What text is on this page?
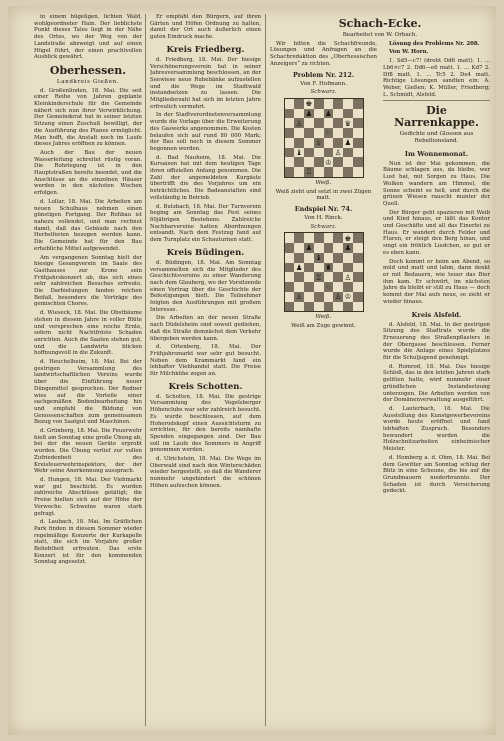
in einem hügeligen, lichten Wald, wohlgeordneter Hain. Der lieblichste Punkt dieses Tales liegt in der Nähe des Ortes, wo der Weg von der Landstraße abzweigt und auf einen Hügel führt, der einen prachtvollen Ausblick gewährt.
Oberhessen.
Landkreis Gießen.
d. Großenlinden, 18. Mai. Die seit einer Reihe von Jahren geplante Kleinkinderschule für die Gemeinde nähert sich nun ihrer Verwirklichung. Der Gemeinderat hat in seiner letzten Sitzung einen Zuschuß bewilligt, der die Ausführung des Planes ermöglicht. Man hofft, die Anstalt noch im Laufe dieses Jahres eröffnen zu können.
Auch der Bau der neuen Wasserleitung schreitet rüstig voran. Die Rohrlegung ist in den Hauptstraßen bereits beendet, und die Anschlüsse an die einzelnen Häuser werden in den nächsten Wochen erfolgen.
d. Lollar, 18. Mai. Die Arbeiten am neuen Schulhaus nehmen einen günstigen Fortgang. Der Rohbau ist nahezu vollendet, und man rechnet damit, daß das Gebäude nach den Herbstferien bezogen werden kann. Die Gemeinde hat für den Bau erhebliche Mittel aufgewendet.
Am vergangenen Sonntag hielt der hiesige Gesangverein im Saale des Gasthauses zur Krone sein Frühjahrskonzert ab, das sich eines sehr zahlreichen Besuches erfreute. Die Darbietungen fanden reichen Beifall, besonders die Vorträge des gemischten Chores.
d. Wieseck, 18. Mai. Die Obstbäume stehen in diesem Jahre in voller Blüte und versprechen eine reiche Ernte, sofern nicht Nachtfröste Schaden anrichten. Auch die Saaten stehen gut, und die Landwirte blicken hoffnungsvoll in die Zukunft.
d. Heuchelheim, 18. Mai. Bei der gestrigen Versammlung des landwirtschaftlichen Vereins wurde über die Einführung neuer Düngemittel gesprochen. Der Redner wies auf die Vorteile einer sachgemäßen Bodenbearbeitung hin und empfahl die Bildung von Genossenschaften zum gemeinsamen Bezug von Saatgut und Maschinen.
d. Grünberg, 18. Mai. Die Feuerwehr hielt am Sonntag eine große Übung ab, bei der die neuen Geräte erprobt wurden. Die Übung verlief zur vollen Zufriedenheit des Kreisfeuerwehrinspektors, der der Wehr seine Anerkennung aussprach.
d. Hungen, 18. Mai. Der Viehmarkt war gut beschickt. Es wurden zahlreiche Abschlüsse getätigt; die Preise hielten sich auf der Höhe der Vorwoche. Schweine waren stark gefragt.
d. Laubach, 18. Mai. Im Gräflichen Park finden in diesem Sommer wieder regelmäßige Konzerte der Kurkapelle statt, die sich im Vorjahre großer Beliebtheit erfreuten. Das erste Konzert ist für den kommenden Sonntag angesetzt.
Er empfahl den Bürgern, auf ihren Gärten und Höfen Ordnung zu halten, damit der Ort auch äußerlich einen guten Eindruck mache.
Kreis Friedberg.
d. Friedberg, 18. Mai. Der hiesige Verschönerungsverein hat in seiner Jahresversammlung beschlossen, an der Seewiese neue Ruhebänke aufzustellen und die Wege im Stadtwald instandsetzen zu lassen. Die Mitgliederzahl hat sich im letzten Jahre erfreulich vermehrt.
In der Stadtverordnetenversammlung wurde die Vorlage über die Erweiterung des Gaswerks angenommen. Die Kosten belaufen sich auf rund 80 000 Mark; der Bau soll noch in diesem Sommer begonnen werden.
d. Bad Nauheim, 18. Mai. Die Kursaison hat mit dem heutigen Tage ihren offiziellen Anfang genommen. Die Zahl der angemeldeten Kurgäste übertrifft die des Vorjahres um ein beträchtliches. Die Badeanstalten sind vollständig in Betrieb.
d. Butzbach, 18. Mai. Der Turnverein beging am Sonntag das Fest seines 60jährigen Bestehens. Zahlreiche Nachbarvereine hatten Abordnungen entsandt. Nach dem Festzug fand auf dem Turnplatz ein Schauturnen statt.
Kreis Büdingen.
d. Büdingen, 18. Mai. Am Sonntag versammelten sich die Mitglieder des Geschichtsvereins zu einer Wanderung nach dem Glauberg, wo der Vorsitzende einen Vortrag über die Geschichte der Befestigungen hielt. Die Teilnehmer folgten den Ausführungen mit großem Interesse.
Die Arbeiten an der neuen Straße nach Düdelsheim sind soweit gediehen, daß die Straße demnächst dem Verkehr übergeben werden kann.
d. Ortenberg, 18. Mai. Der Frühjahrsmarkt war sehr gut besucht. Neben dem Krammarkt fand ein lebhafter Viehhandel statt. Die Preise für Milchkühe zogen an.
Kreis Schotten.
d. Schotten, 18. Mai. Die gestrige Versammlung des Vogelsberger Höhenclubs war sehr zahlreich besucht. Es wurde beschlossen, auf dem Hoherodskopf einen Aussichtsturm zu errichten, für den bereits namhafte Spenden eingegangen sind. Der Bau soll im Laufe des Sommers in Angriff genommen werden.
d. Ulrichstein, 18. Mai. Die Wege im Oberwald sind nach den Winterschäden wieder hergestellt, so daß die Wanderer nunmehr ungehindert die schönen Höhen aufsuchen können.
Schach-Ecke.
Bearbeitet von W. Orbach.
Wir bitten die Schachfreunde, Lösungen und Anfragen an die Schachredaktion des „Oberhessischen Anzeigers“ zu richten.
Problem Nr. 212.
Von F. Hofmann.
Schwarz.
♚
♟ ♟
♙	♛
♘
♕	♟
♝	♙
♔
♖
Weiß.
Weiß zieht und setzt in zwei Zügen matt.
Endspiel Nr. 74.
Von H. Rinck.
Schwarz.
♚
♟	♟
♝
♟	♜
♖	♙
♘
♙	♙ ♔
Weiß.
Weiß am Zuge gewinnt.
Lösung des Problems Nr. 208.
Von W. Horn.
1. Sd5—c7! (droht Dd6 matt). 1. ... Lb6×c7 2. Dd6—e6 matt. 1. ... Kd7 2. Df8 matt. 1. ... Tc5 2. De4 matt. Richtige Lösungen sandten ein: A. Weber, Gießen; K. Müller, Friedberg; L. Schmidt, Alsfeld.
Die Narrenkappe.
Gedichte und Glossen aus Rebellionsland.
Im Wonnemonat.
Nun ist der Mai gekommen, die Bäume schlagen aus, da bleibe, wer Lust hat, mit Sorgen zu Haus. Die Wolken wandern am Himmel, die Sonne scheint so hell, und durch die grünen Wiesen rauscht munter der Quell.
Der Bürger geht spazieren mit Weib und Kind hinaus, er läßt das Kontor und Geschäfte und all das Einerlei zu Haus. Er wandert durch Felder und Fluren, er steigt den Berg hinan, und singt ein fröhlich Liedchen, so gut er es eben kann.
Doch kommt er heim am Abend, so müd und matt und lahm, dann denkt er mit Bedauern, wie teuer das Bier ihm kam. Er schwört, im nächsten Jahre da bleibt er still zu Haus — doch kommt der Mai aufs neue, so zieht er wieder hinaus.
Kreis Alsfeld.
d. Alsfeld, 18. Mai. In der gestrigen Sitzung des Stadtrats wurde die Erneuerung des Straßenpflasters in der Obergasse beschlossen. Ferner wurde die Anlage eines Spielplatzes für die Schuljugend genehmigt.
d. Romrod, 18. Mai. Das hiesige Schloß, das in den letzten Jahren stark gelitten hatte, wird nunmehr einer gründlichen Instandsetzung unterzogen. Die Arbeiten werden von der Domänenverwaltung ausgeführt.
d. Lauterbach, 18. Mai. Die Ausstellung des Kunstgewerbevereins wurde heute eröffnet und fand lebhaften Zuspruch. Besonders bewundert wurden die Holzschnitzarbeiten einheimischer Meister.
d. Homberg a. d. Ohm, 18. Mai. Bei dem Gewitter am Sonntag schlug der Blitz in eine Scheune, die bis auf die Grundmauern niederbrannte. Der Schaden ist durch Versicherung gedeckt.
